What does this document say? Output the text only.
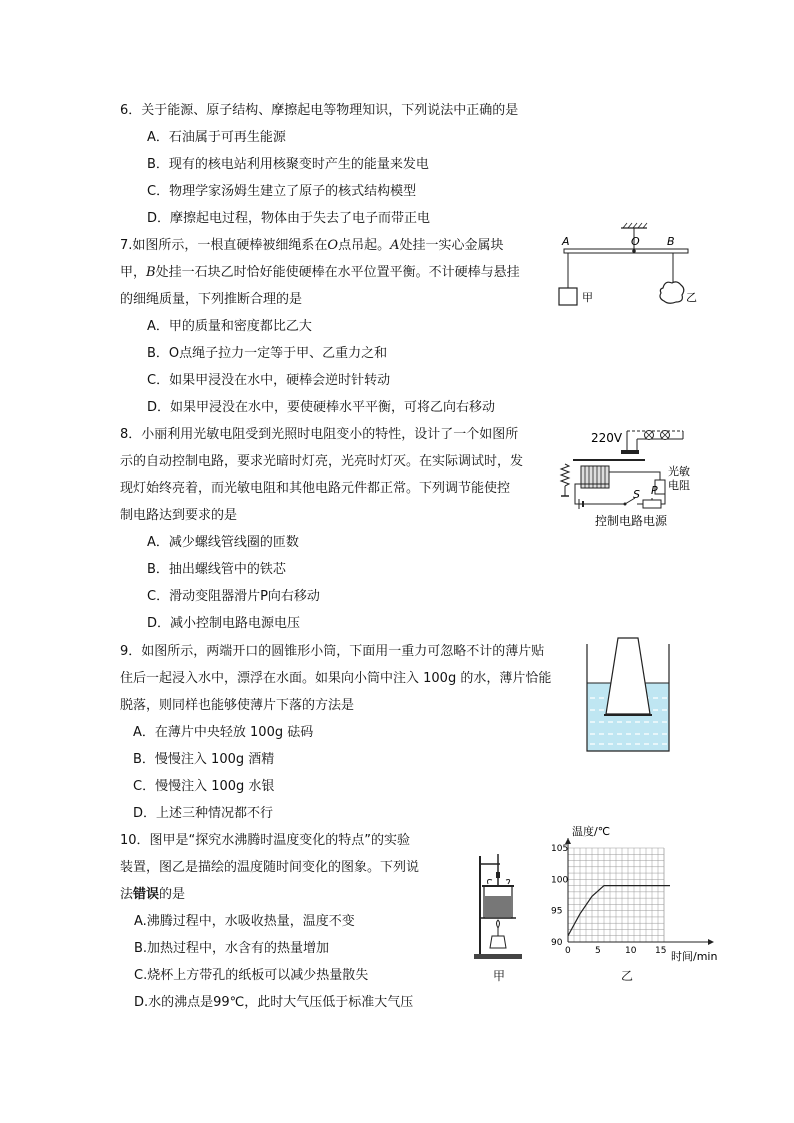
6．关于能源、原子结构、摩擦起电等物理知识，下列说法中正确的是
A．石油属于可再生能源
B．现有的核电站利用核聚变时产生的能量来发电
C．物理学家汤姆生建立了原子的核式结构模型
D．摩擦起电过程，物体由于失去了电子而带正电
7.如图所示，一根直硬棒被细绳系在O点吊起。A处挂一实心金属块
甲，B处挂一石块乙时恰好能使硬棒在水平位置平衡。不计硬棒与悬挂
的细绳质量，下列推断合理的是
A．甲的质量和密度都比乙大
B．O点绳子拉力一定等于甲、乙重力之和
C．如果甲浸没在水中，硬棒会逆时针转动
D．如果甲浸没在水中，要使硬棒水平平衡，可将乙向右移动
A	O B
甲	乙
8．小丽利用光敏电阻受到光照时电阻变小的特性，设计了一个如图所
示的自动控制电路，要求光暗时灯亮，光亮时灯灭。在实际调试时，发
现灯始终亮着，而光敏电阻和其他电路元件都正常。下列调节能使控
制电路达到要求的是
A．减少螺线管线圈的匝数
B．抽出螺线管中的铁芯
C．滑动变阻器滑片P向右移动
D．减小控制电路电源电压
220V
光敏
电阻
S P
控制电路电源
9．如图所示，两端开口的圆锥形小筒，下面用一重力可忽略不计的薄片贴
住后一起浸入水中，漂浮在水面。如果向小筒中注入 100g 的水，薄片恰能
脱落，则同样也能够使薄片下落的方法是
A．在薄片中央轻放 100g 砝码
B．慢慢注入 100g 酒精
C．慢慢注入 100g 水银
D．上述三种情况都不行
10．图甲是“探究水沸腾时温度变化的特点”的实验
装置，图乙是描绘的温度随时间变化的图象。下列说
法错误的是
A.沸腾过程中，水吸收热量，温度不变
B.加热过程中，水含有的热量增加
C.烧杯上方带孔的纸板可以减少热量散失
D.水的沸点是99℃，此时大气压低于标准大气压
甲
0	5	10 15
90
95
100
105
温度/℃
时间/min
乙
